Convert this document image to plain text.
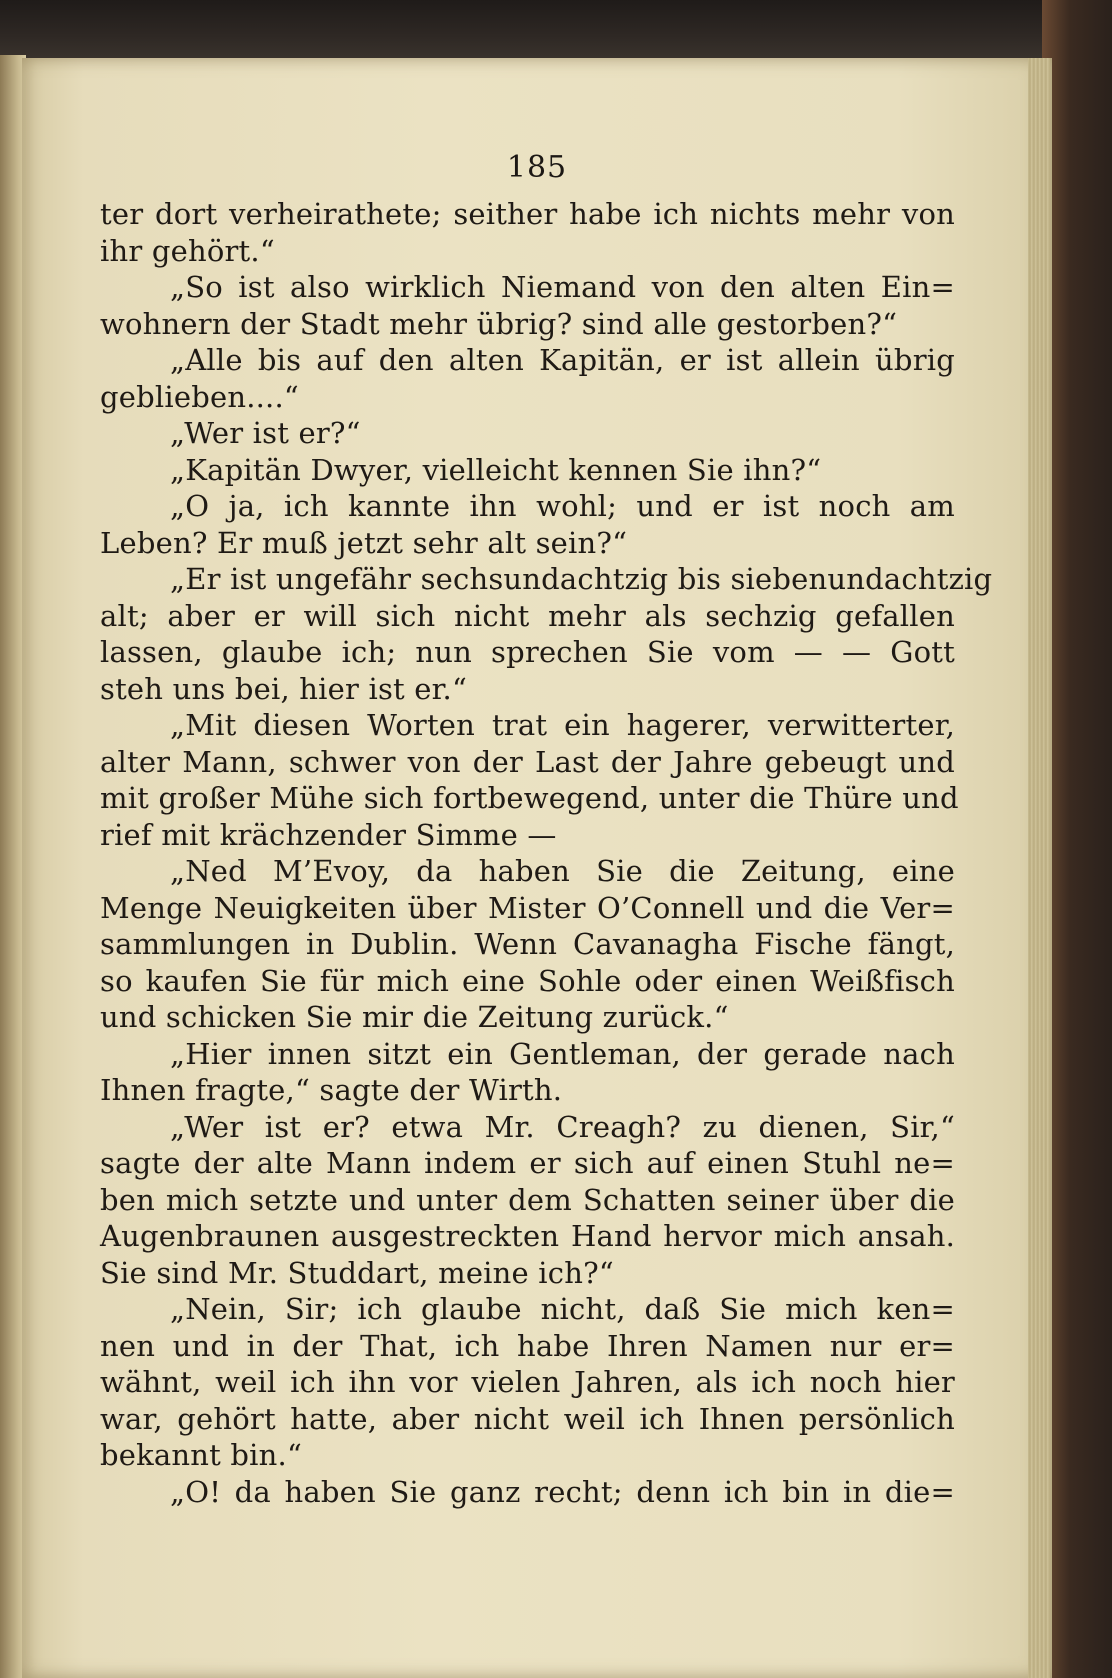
185
ter dort verheirathete; seither habe ich nichts mehr von
ihr gehört.“
„So ist also wirklich Niemand von den alten Ein=
wohnern der Stadt mehr übrig? sind alle gestorben?“
„Alle bis auf den alten Kapitän, er ist allein übrig
geblieben....“
„Wer ist er?“
„Kapitän Dwyer, vielleicht kennen Sie ihn?“
„O ja, ich kannte ihn wohl; und er ist noch am
Leben? Er muß jetzt sehr alt sein?“
„Er ist ungefähr sechsundachtzig bis siebenundachtzig
alt; aber er will sich nicht mehr als sechzig gefallen
lassen, glaube ich; nun sprechen Sie vom — — Gott
steh uns bei, hier ist er.“
„Mit diesen Worten trat ein hagerer, verwitterter,
alter Mann, schwer von der Last der Jahre gebeugt und
mit großer Mühe sich fortbewegend, unter die Thüre und
rief mit krächzender Simme —
„Ned M’Evoy, da haben Sie die Zeitung, eine
Menge Neuigkeiten über Mister O’Connell und die Ver=
sammlungen in Dublin. Wenn Cavanagha Fische fängt,
so kaufen Sie für mich eine Sohle oder einen Weißfisch
und schicken Sie mir die Zeitung zurück.“
„Hier innen sitzt ein Gentleman, der gerade nach
Ihnen fragte,“ sagte der Wirth.
„Wer ist er? etwa Mr. Creagh? zu dienen, Sir,“
sagte der alte Mann indem er sich auf einen Stuhl ne=
ben mich setzte und unter dem Schatten seiner über die
Augenbraunen ausgestreckten Hand hervor mich ansah.
Sie sind Mr. Studdart, meine ich?“
„Nein, Sir; ich glaube nicht, daß Sie mich ken=
nen und in der That, ich habe Ihren Namen nur er=
wähnt, weil ich ihn vor vielen Jahren, als ich noch hier
war, gehört hatte, aber nicht weil ich Ihnen persönlich
bekannt bin.“
„O! da haben Sie ganz recht; denn ich bin in die=
